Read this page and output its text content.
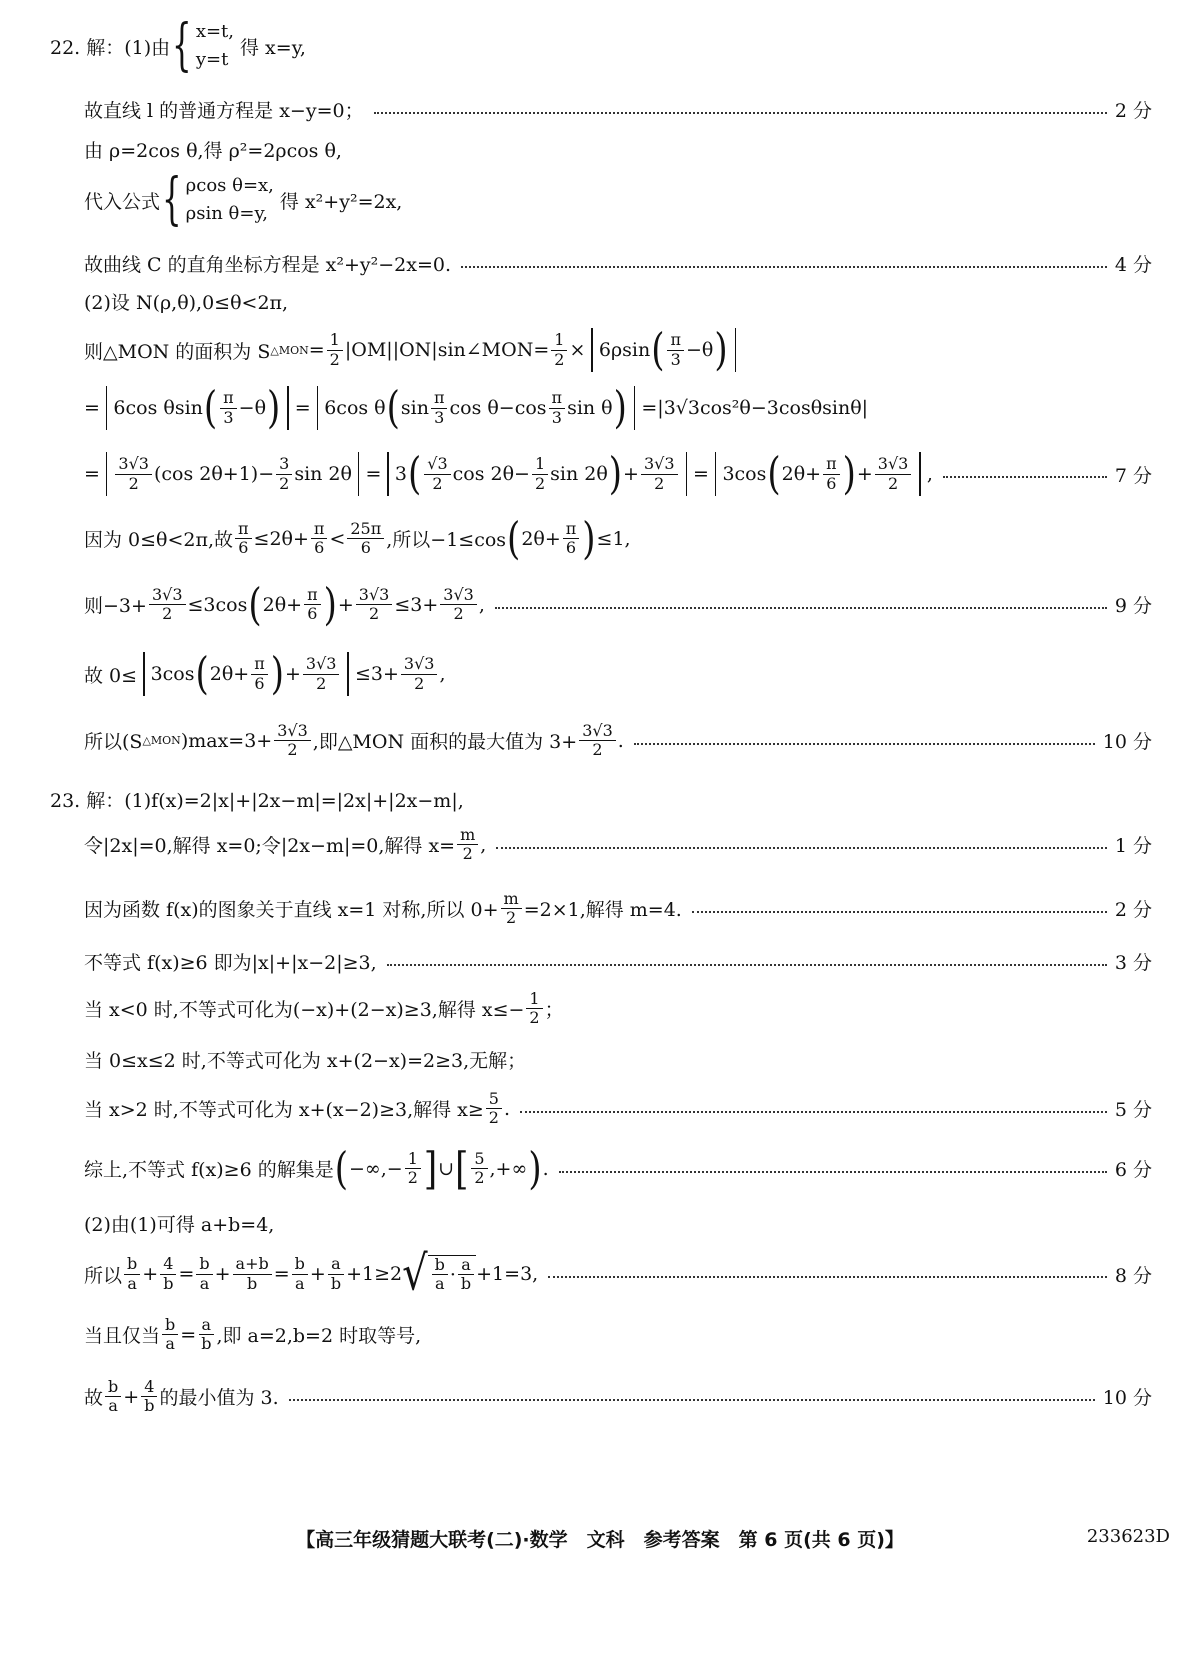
22. 解：(1)由 { x=t,
y=t
得 x=y,
故直线 l 的普通方程是 x−y=0；	2 分
由 ρ=2cos θ,得 ρ²=2ρcos θ,
代入公式 { ρcos θ=x,
ρsin θ=y,
得 x²+y²=2x,
故曲线 C 的直角坐标方程是 x²+y²−2x=0.	4 分
(2)设 N(ρ,θ),0≤θ<2π,
则△MON 的面积为 S △MON = $\frac{1}{2}$ |OM||ON|sin∠MON= $\frac{1}{2} \times 6\rho\sin$ ( $\frac{\pi}{3} -\theta$ )
= 6cos θsin ( $\frac{\pi}{3} -\theta$ ) = 6cos θ ( $\sin \frac{\pi}{3}$ $\cos \theta-\cos \frac{\pi}{3}$ sin θ ) =|3√3cos²θ−3cosθsinθ|
= $\frac{3√3}{2} (\cos$ $2\theta+1)- \frac{3}{2}$ sin 2θ = 3 ( $\frac{√3}{2}$ $\cos 2\theta- \frac{1}{2}$ sin 2θ ) + $\frac{3√3}{2} = 3\cos$ ( $2\theta+ \frac{\pi}{6}$ ) + $\frac{3√3}{2}$ ,	7 分
因为 0≤θ<2π,故 $\frac{\pi}{6} \le 2\theta+ \frac{\pi}{6} < \frac{25\pi}{6}$ ,所以−1≤cos ( $2\theta+ \frac{\pi}{6}$ ) ≤1,
则$-3+ \frac{3√3}{2} \le 3\cos$ ( $2\theta+ \frac{\pi}{6}$ ) + $\frac{3√3}{2} \le 3+ \frac{3√3}{2}$ ,	9 分
故 0≤ 3cos ( $2\theta+ \frac{\pi}{6}$ ) + $\frac{3√3}{2} \le 3+ \frac{3√3}{2}$ ,
所以(S △MON )$\max=3+ \frac{3√3}{2}$ ,即△MON 面积的最大值为 $3+ \frac{3√3}{2}$ .	10 分
23. 解：(1)f(x)=2|x|+|2x−m|=|2x|+|2x−m|,
令|2x|=0,解得 x=0;令|2x−m|=0,解得 $x= \frac{m}{2}$ ,	1 分
因为函数 f(x)的图象关于直线 x=1 对称,所以 $0+ \frac{m}{2} =2\times 1$,解得 m=4.	2 分
不等式 f(x)≥6 即为|x|+|x−2|≥3,	3 分
当 x<0 时,不等式可化为(−x)+(2−x)≥3,解得 $x\le- \frac{1}{2}$ ；
当 0≤x≤2 时,不等式可化为 x+(2−x)=2≥3,无解；
当 x>2 时,不等式可化为 x+(x−2)≥3,解得 $x\ge \frac{5}{2}$ .	5 分
综上,不等式 f(x)≥6 的解集是 ( −∞,− $\frac{1}{2}$ ] ∪ [ $\frac{5}{2}$ ,+∞ ) .	6 分
(2)由(1)可得 a+b=4,
所以 $\frac{b}{a} + \frac{4}{b} = \frac{b}{a} + \frac{a+b}{b} = \frac{b}{a} + \frac{a}{b} +1\ge 2$ √ $\frac{b}{a} \cdot \frac{a}{b} +1=3$,	8 分
当且仅当 $\frac{b}{a} = \frac{a}{b}$ ,即 a=2,b=2 时取等号,
故 $\frac{b}{a} + \frac{4}{b}$ 的最小值为 3.	10 分
【高三年级猜题大联考(二)·数学　文科　参考答案　第 6 页(共 6 页)】	233623D
